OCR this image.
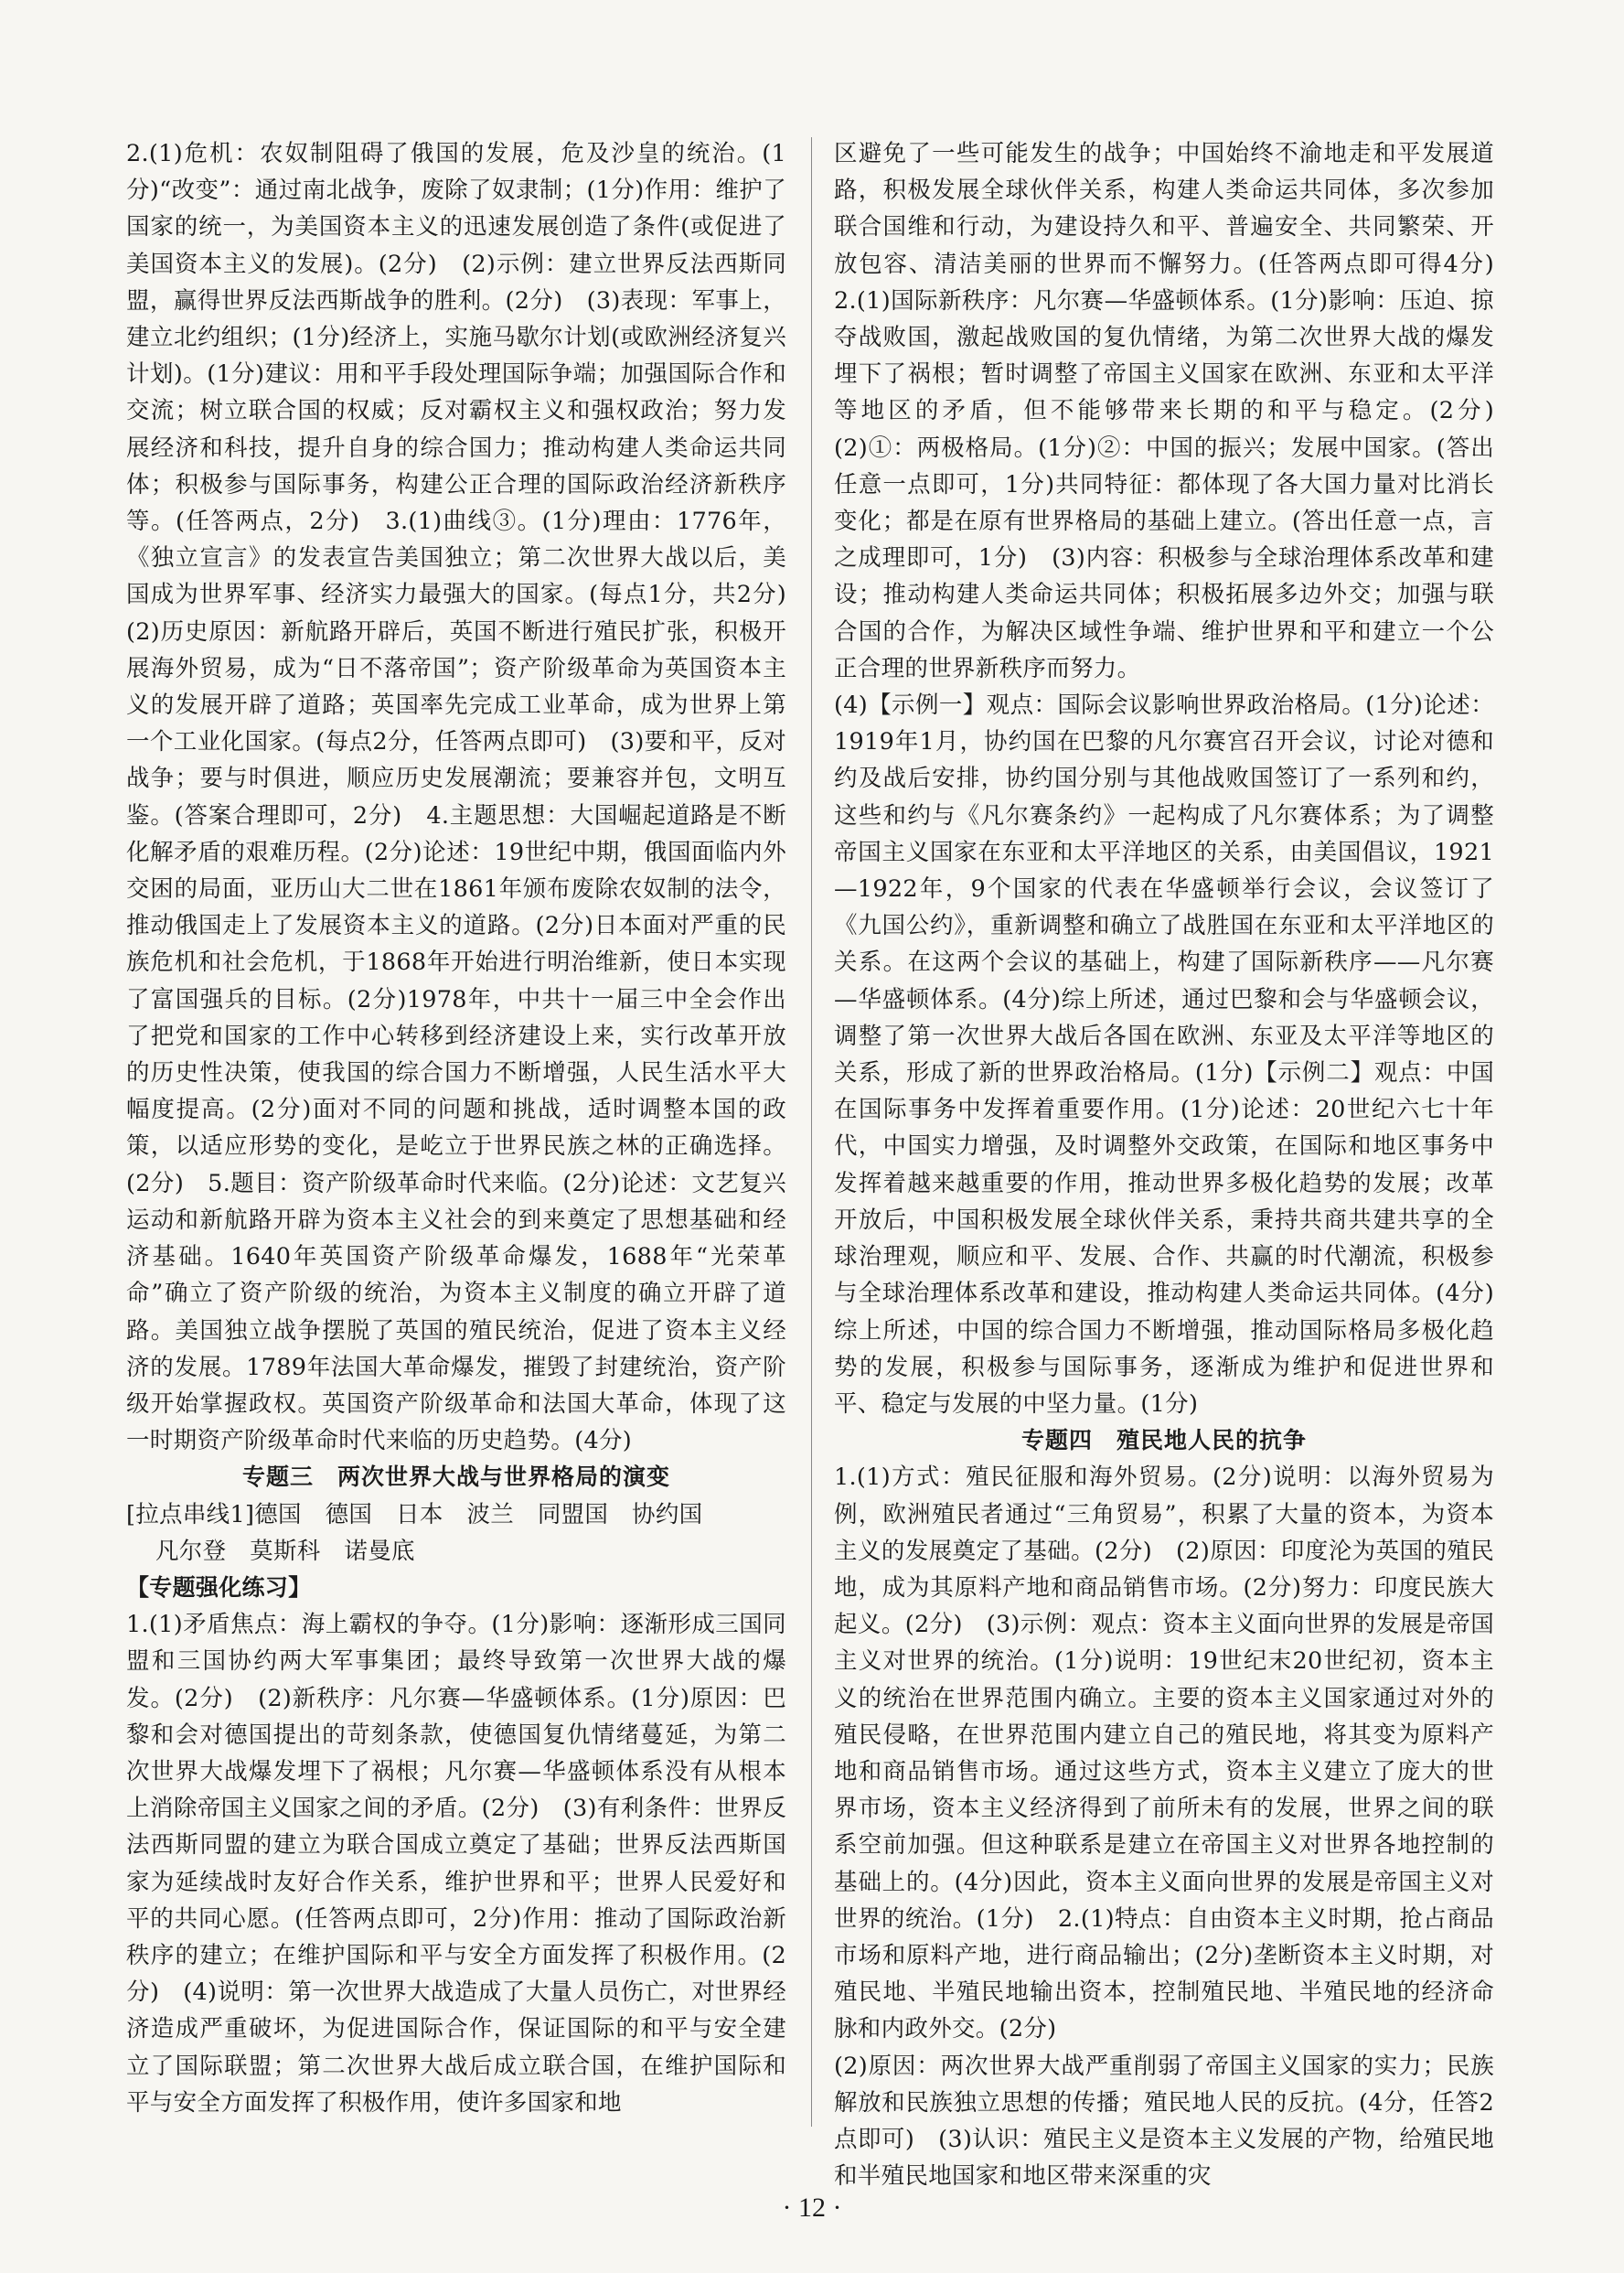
2.(1)危机：农奴制阻碍了俄国的发展，危及沙皇的统治。(1分)“改变”：通过南北战争，废除了奴隶制；(1分)作用：维护了国家的统一，为美国资本主义的迅速发展创造了条件(或促进了美国资本主义的发展)。(2分)　(2)示例：建立世界反法西斯同盟，赢得世界反法西斯战争的胜利。(2分)　(3)表现：军事上，建立北约组织；(1分)经济上，实施马歇尔计划(或欧洲经济复兴计划)。(1分)建议：用和平手段处理国际争端；加强国际合作和交流；树立联合国的权威；反对霸权主义和强权政治；努力发展经济和科技，提升自身的综合国力；推动构建人类命运共同体；积极参与国际事务，构建公正合理的国际政治经济新秩序等。(任答两点，2分)　3.(1)曲线③。(1分)理由：1776年，《独立宣言》的发表宣告美国独立；第二次世界大战以后，美国成为世界军事、经济实力最强大的国家。(每点1分，共2分)　(2)历史原因：新航路开辟后，英国不断进行殖民扩张，积极开展海外贸易，成为“日不落帝国”；资产阶级革命为英国资本主义的发展开辟了道路；英国率先完成工业革命，成为世界上第一个工业化国家。(每点2分，任答两点即可)　(3)要和平，反对战争；要与时俱进，顺应历史发展潮流；要兼容并包，文明互鉴。(答案合理即可，2分)　4.主题思想：大国崛起道路是不断化解矛盾的艰难历程。(2分)论述：19世纪中期，俄国面临内外交困的局面，亚历山大二世在1861年颁布废除农奴制的法令，推动俄国走上了发展资本主义的道路。(2分)日本面对严重的民族危机和社会危机，于1868年开始进行明治维新，使日本实现了富国强兵的目标。(2分)1978年，中共十一届三中全会作出了把党和国家的工作中心转移到经济建设上来，实行改革开放的历史性决策，使我国的综合国力不断增强，人民生活水平大幅度提高。(2分)面对不同的问题和挑战，适时调整本国的政策，以适应形势的变化，是屹立于世界民族之林的正确选择。(2分)　5.题目：资产阶级革命时代来临。(2分)论述：文艺复兴运动和新航路开辟为资本主义社会的到来奠定了思想基础和经济基础。1640年英国资产阶级革命爆发，1688年“光荣革命”确立了资产阶级的统治，为资本主义制度的确立开辟了道路。美国独立战争摆脱了英国的殖民统治，促进了资本主义经济的发展。1789年法国大革命爆发，摧毁了封建统治，资产阶级开始掌握政权。英国资产阶级革命和法国大革命，体现了这一时期资产阶级革命时代来临的历史趋势。(4分)

专题三　两次世界大战与世界格局的演变

[拉点串线1]德国　德国　日本　波兰　同盟国　协约国

凡尔登　莫斯科　诺曼底

【专题强化练习】

1.(1)矛盾焦点：海上霸权的争夺。(1分)影响：逐渐形成三国同盟和三国协约两大军事集团；最终导致第一次世界大战的爆发。(2分)　(2)新秩序：凡尔赛—华盛顿体系。(1分)原因：巴黎和会对德国提出的苛刻条款，使德国复仇情绪蔓延，为第二次世界大战爆发埋下了祸根；凡尔赛—华盛顿体系没有从根本上消除帝国主义国家之间的矛盾。(2分)　(3)有利条件：世界反法西斯同盟的建立为联合国成立奠定了基础；世界反法西斯国家为延续战时友好合作关系，维护世界和平；世界人民爱好和平的共同心愿。(任答两点即可，2分)作用：推动了国际政治新秩序的建立；在维护国际和平与安全方面发挥了积极作用。(2分)　(4)说明：第一次世界大战造成了大量人员伤亡，对世界经济造成严重破坏，为促进国际合作，保证国际的和平与安全建立了国际联盟；第二次世界大战后成立联合国，在维护国际和平与安全方面发挥了积极作用，使许多国家和地

区避免了一些可能发生的战争；中国始终不渝地走和平发展道路，积极发展全球伙伴关系，构建人类命运共同体，多次参加联合国维和行动，为建设持久和平、普遍安全、共同繁荣、开放包容、清洁美丽的世界而不懈努力。(任答两点即可得4分)　2.(1)国际新秩序：凡尔赛—华盛顿体系。(1分)影响：压迫、掠夺战败国，激起战败国的复仇情绪，为第二次世界大战的爆发埋下了祸根；暂时调整了帝国主义国家在欧洲、东亚和太平洋等地区的矛盾，但不能够带来长期的和平与稳定。(2分)　(2)①：两极格局。(1分)②：中国的振兴；发展中国家。(答出任意一点即可，1分)共同特征：都体现了各大国力量对比消长变化；都是在原有世界格局的基础上建立。(答出任意一点，言之成理即可，1分)　(3)内容：积极参与全球治理体系改革和建设；推动构建人类命运共同体；积极拓展多边外交；加强与联合国的合作，为解决区域性争端、维护世界和平和建立一个公正合理的世界新秩序而努力。

(4)【示例一】观点：国际会议影响世界政治格局。(1分)论述：1919年1月，协约国在巴黎的凡尔赛宫召开会议，讨论对德和约及战后安排，协约国分别与其他战败国签订了一系列和约，这些和约与《凡尔赛条约》一起构成了凡尔赛体系；为了调整帝国主义国家在东亚和太平洋地区的关系，由美国倡议，1921—1922年，9个国家的代表在华盛顿举行会议，会议签订了《九国公约》，重新调整和确立了战胜国在东亚和太平洋地区的关系。在这两个会议的基础上，构建了国际新秩序——凡尔赛—华盛顿体系。(4分)综上所述，通过巴黎和会与华盛顿会议，调整了第一次世界大战后各国在欧洲、东亚及太平洋等地区的关系，形成了新的世界政治格局。(1分)【示例二】观点：中国在国际事务中发挥着重要作用。(1分)论述：20世纪六七十年代，中国实力增强，及时调整外交政策，在国际和地区事务中发挥着越来越重要的作用，推动世界多极化趋势的发展；改革开放后，中国积极发展全球伙伴关系，秉持共商共建共享的全球治理观，顺应和平、发展、合作、共赢的时代潮流，积极参与全球治理体系改革和建设，推动构建人类命运共同体。(4分)综上所述，中国的综合国力不断增强，推动国际格局多极化趋势的发展，积极参与国际事务，逐渐成为维护和促进世界和平、稳定与发展的中坚力量。(1分)

专题四　殖民地人民的抗争

1.(1)方式：殖民征服和海外贸易。(2分)说明：以海外贸易为例，欧洲殖民者通过“三角贸易”，积累了大量的资本，为资本主义的发展奠定了基础。(2分)　(2)原因：印度沦为英国的殖民地，成为其原料产地和商品销售市场。(2分)努力：印度民族大起义。(2分)　(3)示例：观点：资本主义面向世界的发展是帝国主义对世界的统治。(1分)说明：19世纪末20世纪初，资本主义的统治在世界范围内确立。主要的资本主义国家通过对外的殖民侵略，在世界范围内建立自己的殖民地，将其变为原料产地和商品销售市场。通过这些方式，资本主义建立了庞大的世界市场，资本主义经济得到了前所未有的发展，世界之间的联系空前加强。但这种联系是建立在帝国主义对世界各地控制的基础上的。(4分)因此，资本主义面向世界的发展是帝国主义对世界的统治。(1分)　2.(1)特点：自由资本主义时期，抢占商品市场和原料产地，进行商品输出；(2分)垄断资本主义时期，对殖民地、半殖民地输出资本，控制殖民地、半殖民地的经济命脉和内政外交。(2分)

(2)原因：两次世界大战严重削弱了帝国主义国家的实力；民族解放和民族独立思想的传播；殖民地人民的反抗。(4分，任答2点即可)　(3)认识：殖民主义是资本主义发展的产物，给殖民地和半殖民地国家和地区带来深重的灾

· 12 ·
